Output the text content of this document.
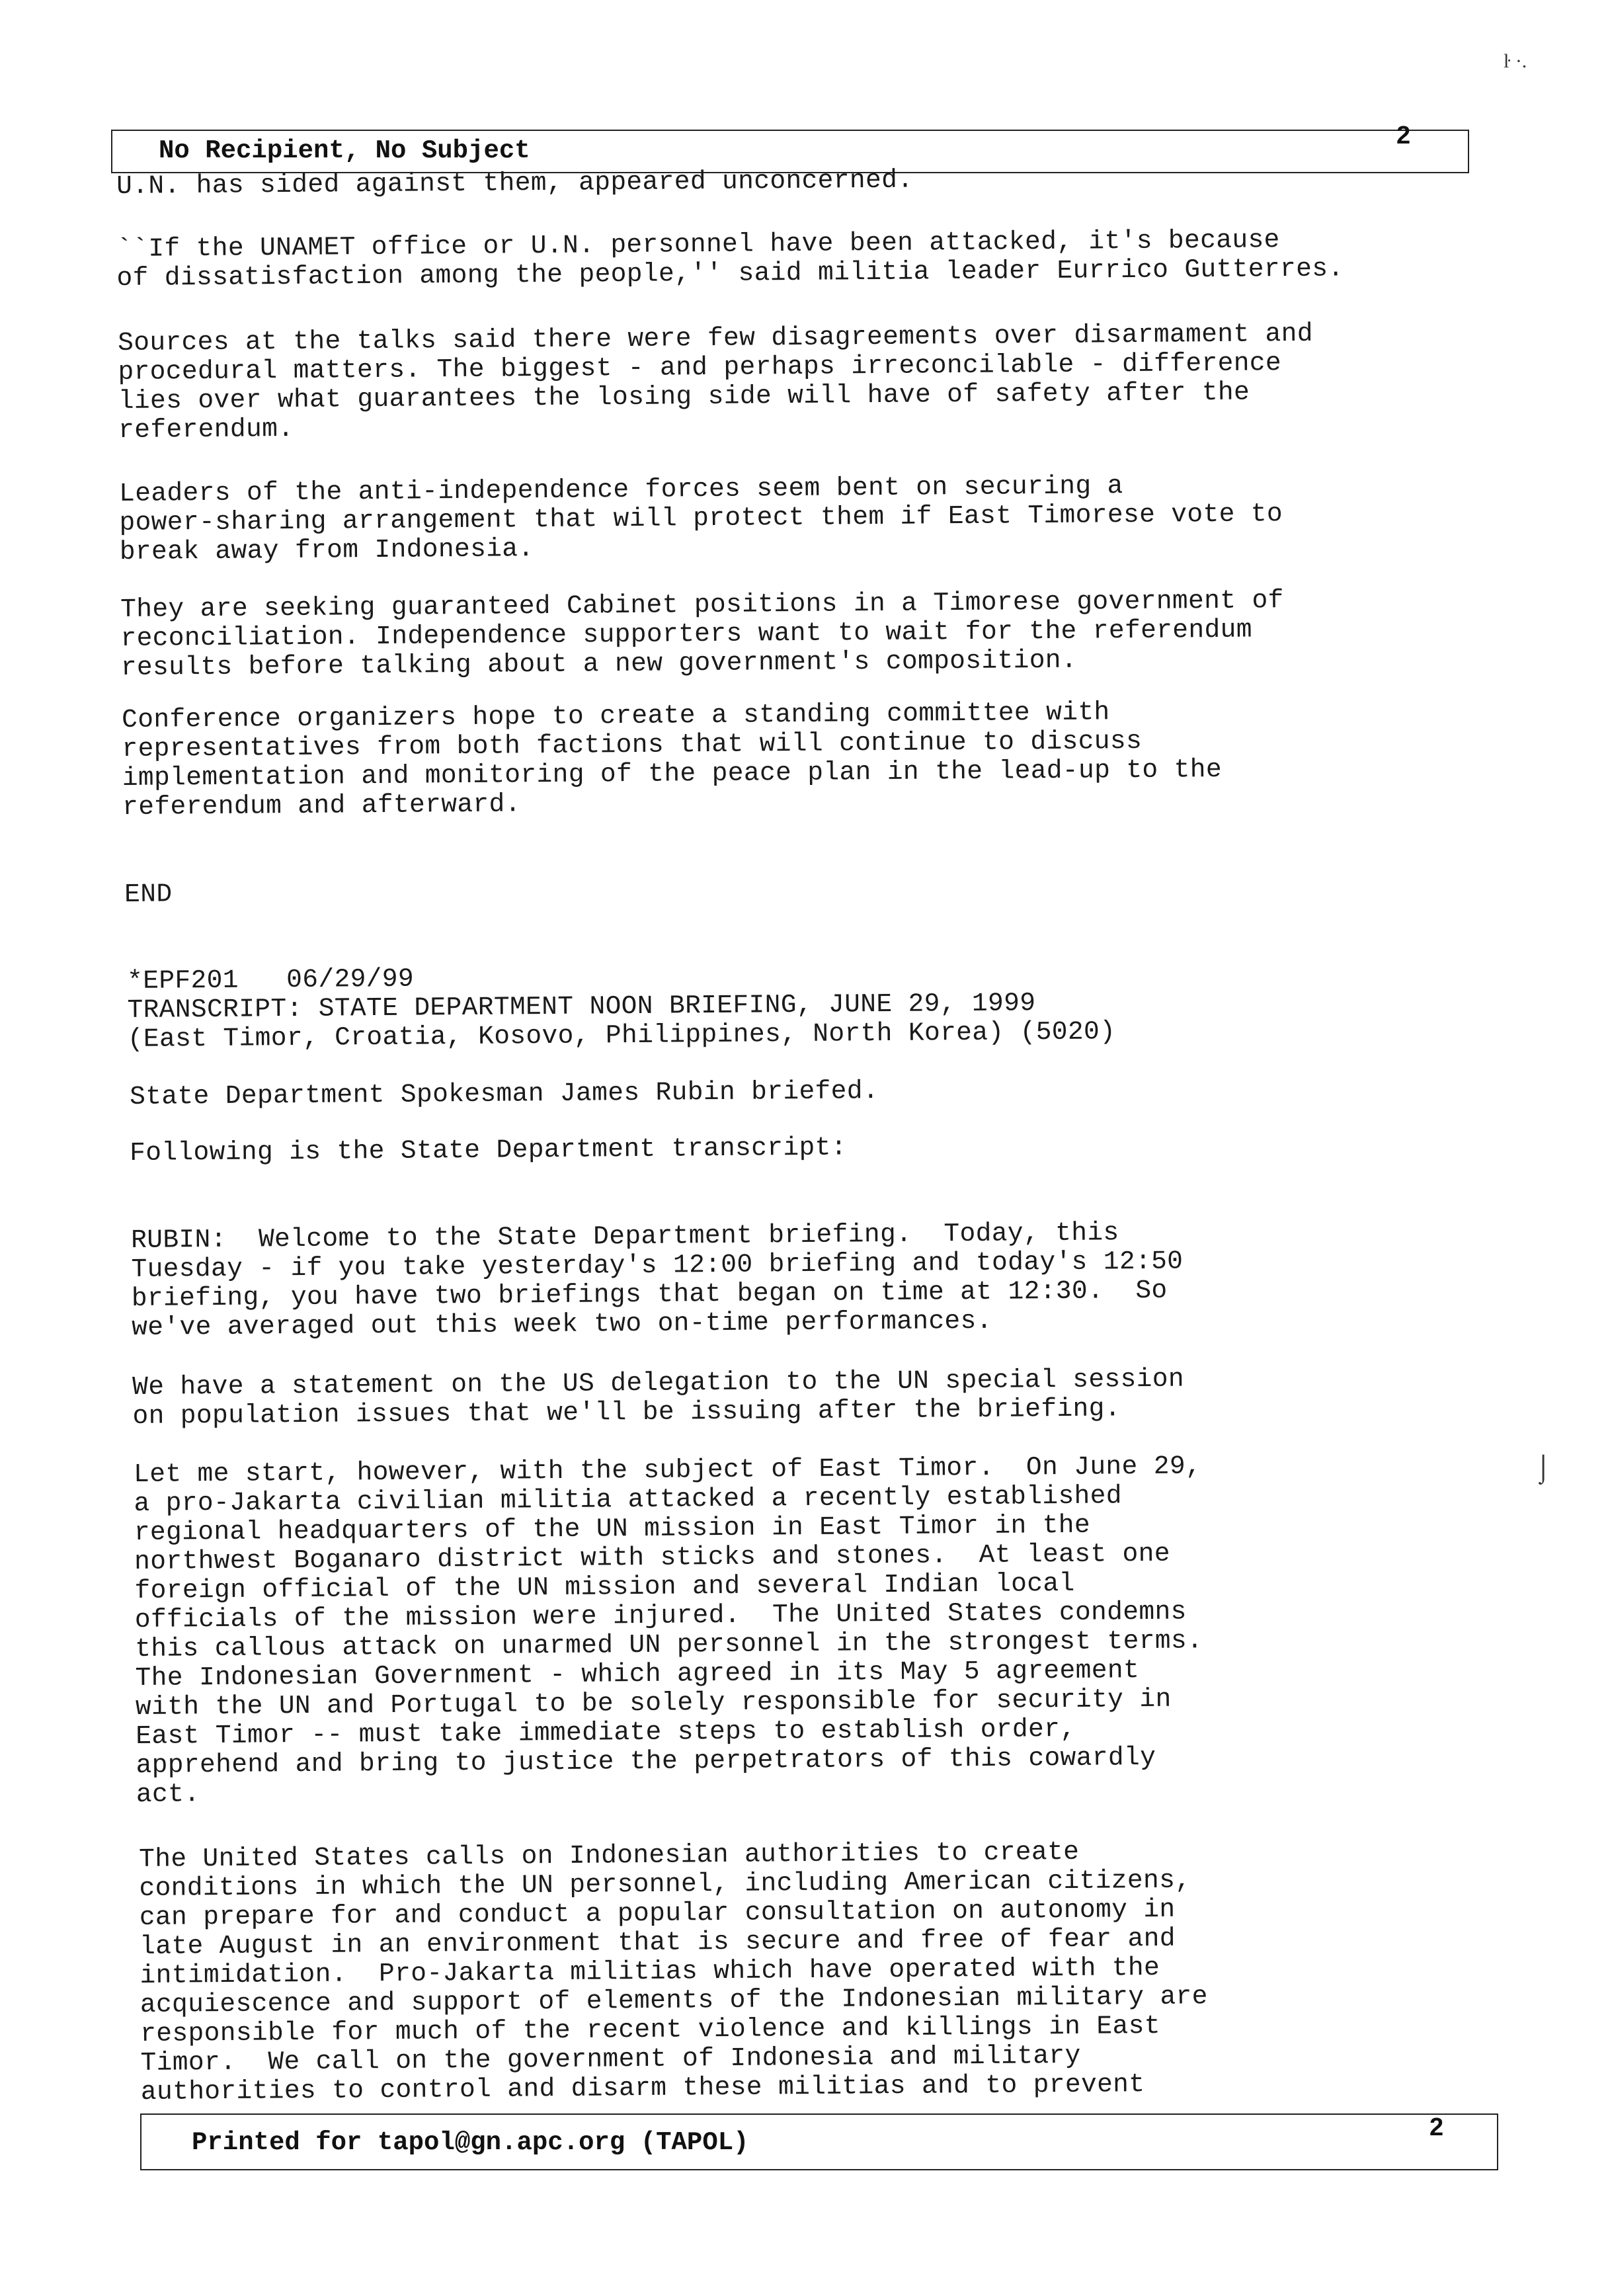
ŀ ·.
No Recipient, No Subject
2

U.N. has sided against them, appeared unconcerned.

``If the UNAMET office or U.N. personnel have been attacked, it's because
of dissatisfaction among the people,'' said militia leader Eurrico Gutterres.

Sources at the talks said there were few disagreements over disarmament and
procedural matters. The biggest - and perhaps irreconcilable - difference
lies over what guarantees the losing side will have of safety after the
referendum.

Leaders of the anti-independence forces seem bent on securing a
power-sharing arrangement that will protect them if East Timorese vote to
break away from Indonesia.

They are seeking guaranteed Cabinet positions in a Timorese government of
reconciliation. Independence supporters want to wait for the referendum
results before talking about a new government's composition.

Conference organizers hope to create a standing committee with
representatives from both factions that will continue to discuss
implementation and monitoring of the peace plan in the lead-up to the
referendum and afterward.

END

*EPF201   06/29/99
TRANSCRIPT: STATE DEPARTMENT NOON BRIEFING, JUNE 29, 1999
(East Timor, Croatia, Kosovo, Philippines, North Korea) (5020)

State Department Spokesman James Rubin briefed.

Following is the State Department transcript:

RUBIN:  Welcome to the State Department briefing.  Today, this
Tuesday - if you take yesterday's 12:00 briefing and today's 12:50
briefing, you have two briefings that began on time at 12:30.  So
we've averaged out this week two on-time performances.

We have a statement on the US delegation to the UN special session
on population issues that we'll be issuing after the briefing.

Let me start, however, with the subject of East Timor.  On June 29,
a pro-Jakarta civilian militia attacked a recently established
regional headquarters of the UN mission in East Timor in the
northwest Boganaro district with sticks and stones.  At least one
foreign official of the UN mission and several Indian local
officials of the mission were injured.  The United States condemns
this callous attack on unarmed UN personnel in the strongest terms.
The Indonesian Government - which agreed in its May 5 agreement
with the UN and Portugal to be solely responsible for security in
East Timor -- must take immediate steps to establish order,
apprehend and bring to justice the perpetrators of this cowardly
act.

The United States calls on Indonesian authorities to create
conditions in which the UN personnel, including American citizens,
can prepare for and conduct a popular consultation on autonomy in
late August in an environment that is secure and free of fear and
intimidation.  Pro-Jakarta militias which have operated with the
acquiescence and support of elements of the Indonesian military are
responsible for much of the recent violence and killings in East
Timor.  We call on the government of Indonesia and military
authorities to control and disarm these militias and to prevent

⌡
Printed for tapol@gn.apc.org (TAPOL)
2
